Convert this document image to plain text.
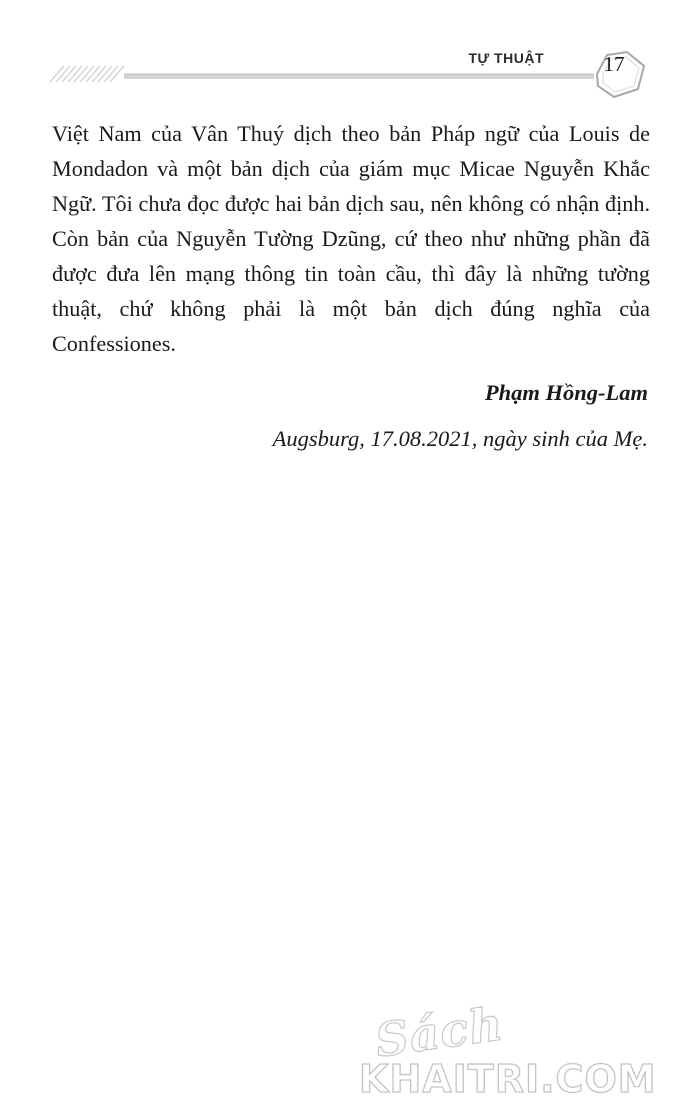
TỰ THUẬT	17

Việt Nam của Vân Thuý dịch theo bản Pháp ngữ của Louis de Mondadon và một bản dịch của giám mục Micae Nguyễn Khắc Ngữ. Tôi chưa đọc được hai bản dịch sau, nên không có nhận định. Còn bản của Nguyễn Tường Dzũng, cứ theo như những phần đã được đưa lên mạng thông tin toàn cầu, thì đây là những tường thuật, chứ không phải là một bản dịch đúng nghĩa của Confessiones.

Phạm Hồng-Lam

Augsburg, 17.08.2021, ngày sinh của Mẹ.

Sách
KHAITRI.COM
